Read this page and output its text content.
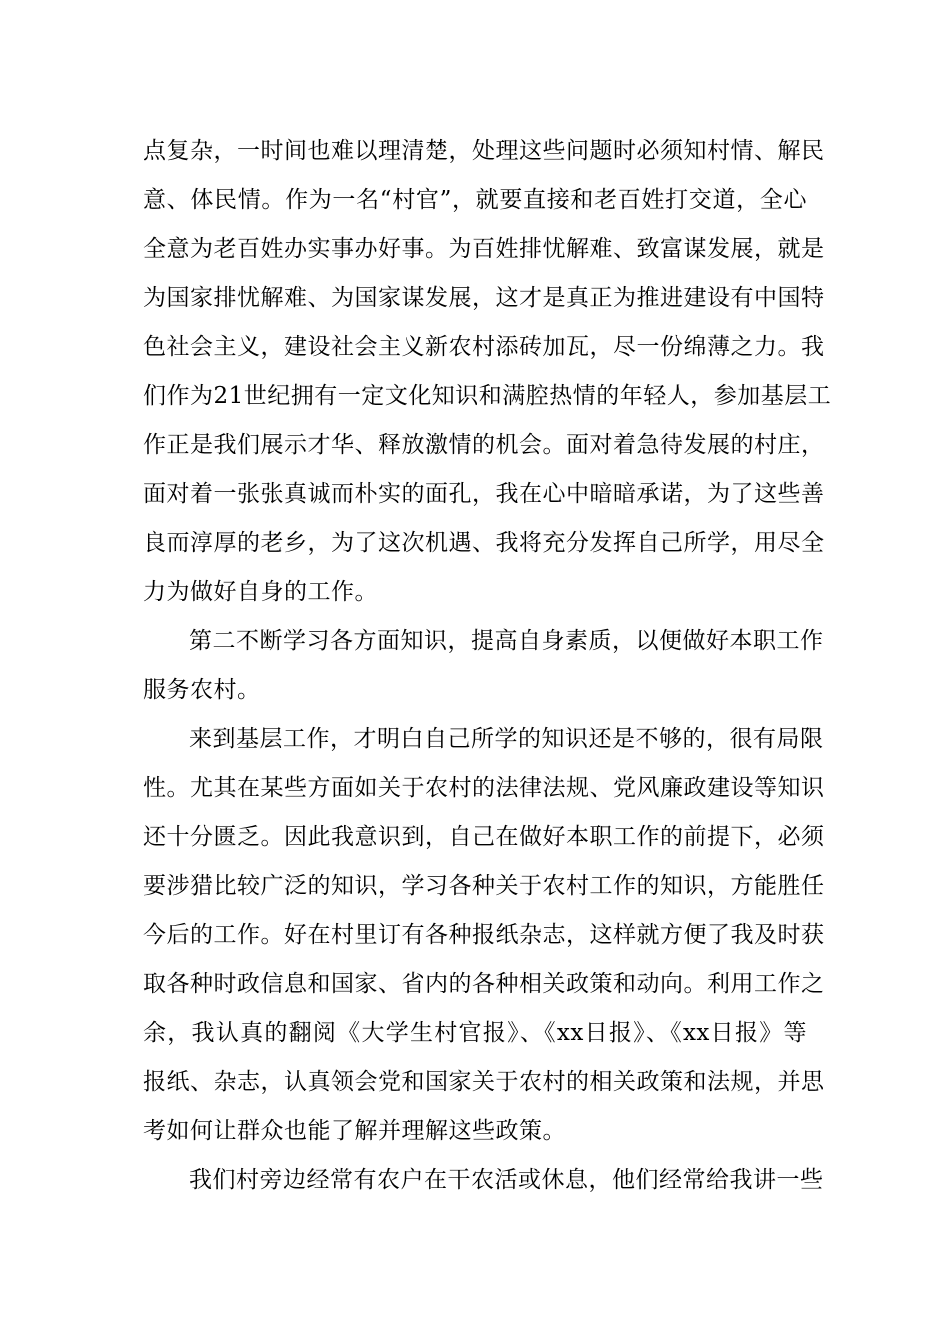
点复杂，一时间也难以理清楚，处理这些问题时必须知村情、解民
意、体民情。作为一名“村官”，就要直接和老百姓打交道，全心
全意为老百姓办实事办好事。为百姓排忧解难、致富谋发展，就是
为国家排忧解难、为国家谋发展，这才是真正为推进建设有中国特
色社会主义，建设社会主义新农村添砖加瓦，尽一份绵薄之力。我
们作为21世纪拥有一定文化知识和满腔热情的年轻人，参加基层工
作正是我们展示才华、释放激情的机会。面对着急待发展的村庄，
面对着一张张真诚而朴实的面孔，我在心中暗暗承诺，为了这些善
良而淳厚的老乡，为了这次机遇、我将充分发挥自己所学，用尽全
力为做好自身的工作。
第二不断学习各方面知识，提高自身素质，以便做好本职工作
服务农村。
来到基层工作，才明白自己所学的知识还是不够的，很有局限
性。尤其在某些方面如关于农村的法律法规、党风廉政建设等知识
还十分匮乏。因此我意识到，自己在做好本职工作的前提下，必须
要涉猎比较广泛的知识，学习各种关于农村工作的知识，方能胜任
今后的工作。好在村里订有各种报纸杂志，这样就方便了我及时获
取各种时政信息和国家、省内的各种相关政策和动向。利用工作之
余，我认真的翻阅《大学生村官报》、《xx日报》、《xx日报》等
报纸、杂志，认真领会党和国家关于农村的相关政策和法规，并思
考如何让群众也能了解并理解这些政策。
我们村旁边经常有农户在干农活或休息，他们经常给我讲一些
